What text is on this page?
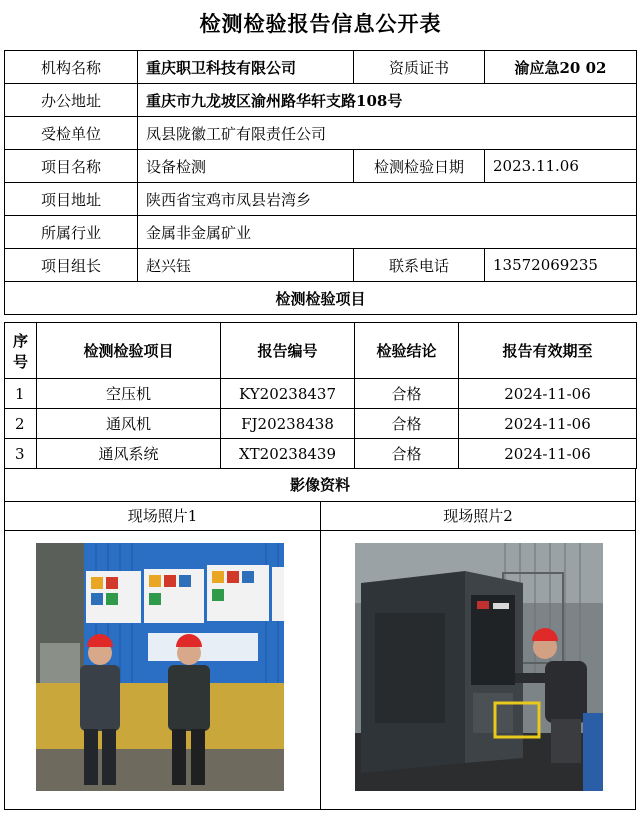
检测检验报告信息公开表
机构名称	重庆职卫科技有限公司	资质证书	渝应急20 02
办公地址	重庆市九龙坡区渝州路华轩支路108号		
受检单位	凤县陇徽工矿有限责任公司		
项目名称	设备检测	检测检验日期	2023.11.06
项目地址	陕西省宝鸡市凤县岩湾乡		
所属行业	金属非金属矿业		
项目组长	赵兴钰	联系电话	13572069235
检测检验项目			
序号	检测检验项目	报告编号	检验结论	报告有效期至
1	空压机	KY20238437	合格	2024-11-06
2	通风机	FJ20238438	合格	2024-11-06
3	通风系统	XT20238439	合格	2024-11-06
影像资料
现场照片1	现场照片2
